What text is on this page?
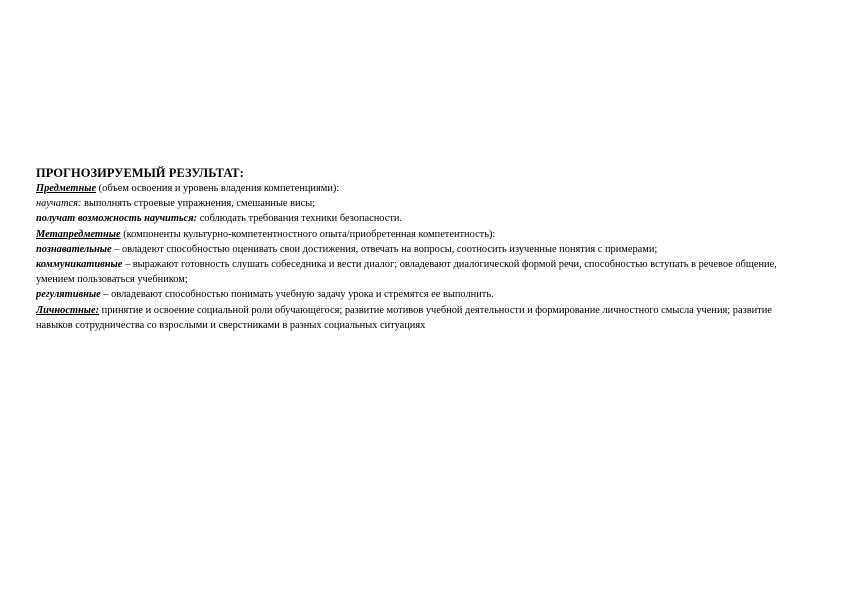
ПРОГНОЗИРУЕМЫЙ РЕЗУЛЬТАТ:

Предметные (объем освоения и уровень владения компетенциями):

научатся: выполнять строевые упражнения, смешанные висы;

получат возможность научиться: соблюдать требования техники безопасности.

Метапредметные (компоненты культурно-компетентностного опыта/приобретенная компетентность):

познавательные – овладеют способностью оценивать свои достижения, отвечать на вопросы, соотносить изученные понятия с примерами;

коммуникативные – выражают готовность слушать собеседника и вести диалог; овладевают диалогической формой речи, способностью вступать в речевое общение, умением пользоваться учебником;

регулятивные – овладевают способностью понимать учебную задачу урока и стремятся ее выполнить.

Личностные: принятие и освоение социальной роли обучающегося; развитие мотивов учебной деятельности и формирование личностного смысла учения; развитие навыков сотрудничества со взрослыми и сверстниками в разных социальных ситуациях
